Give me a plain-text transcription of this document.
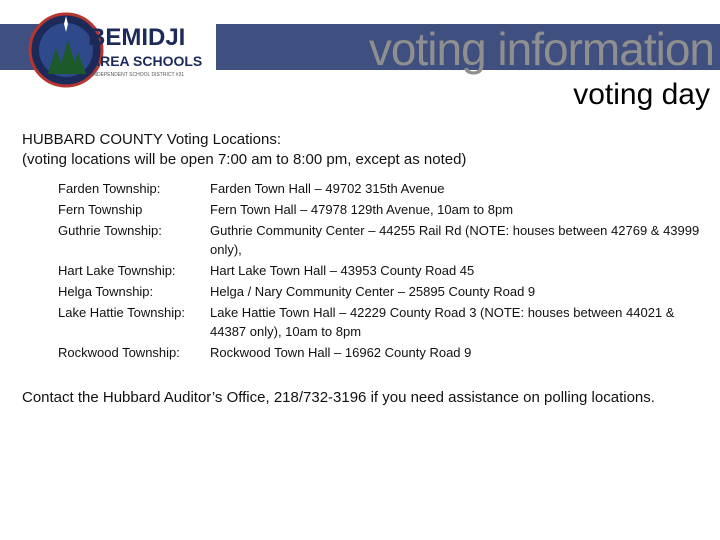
BEMIDJI
AREA SCHOOLS
INDEPENDENT SCHOOL DISTRICT #31	voting information
voting day
HUBBARD COUNTY Voting Locations:
(voting locations will be open 7:00 am to 8:00 pm, except as noted)
Farden Township:	Farden Town Hall – 49702 315th Avenue
Fern Township	Fern Town Hall – 47978 129th Avenue, 10am to 8pm
Guthrie Township:	Guthrie Community Center – 44255 Rail Rd (NOTE: houses between 42769 & 43999 only),
Hart Lake Township:	Hart Lake Town Hall – 43953 County Road 45
Helga Township:	Helga / Nary Community Center – 25895 County Road 9
Lake Hattie Township:	Lake Hattie Town Hall – 42229 County Road 3 (NOTE: houses between 44021 & 44387 only), 10am to 8pm
Rockwood Township:	Rockwood Town Hall – 16962 County Road 9
Contact the Hubbard Auditor’s Office, 218/732-3196 if you need assistance on polling locations.
